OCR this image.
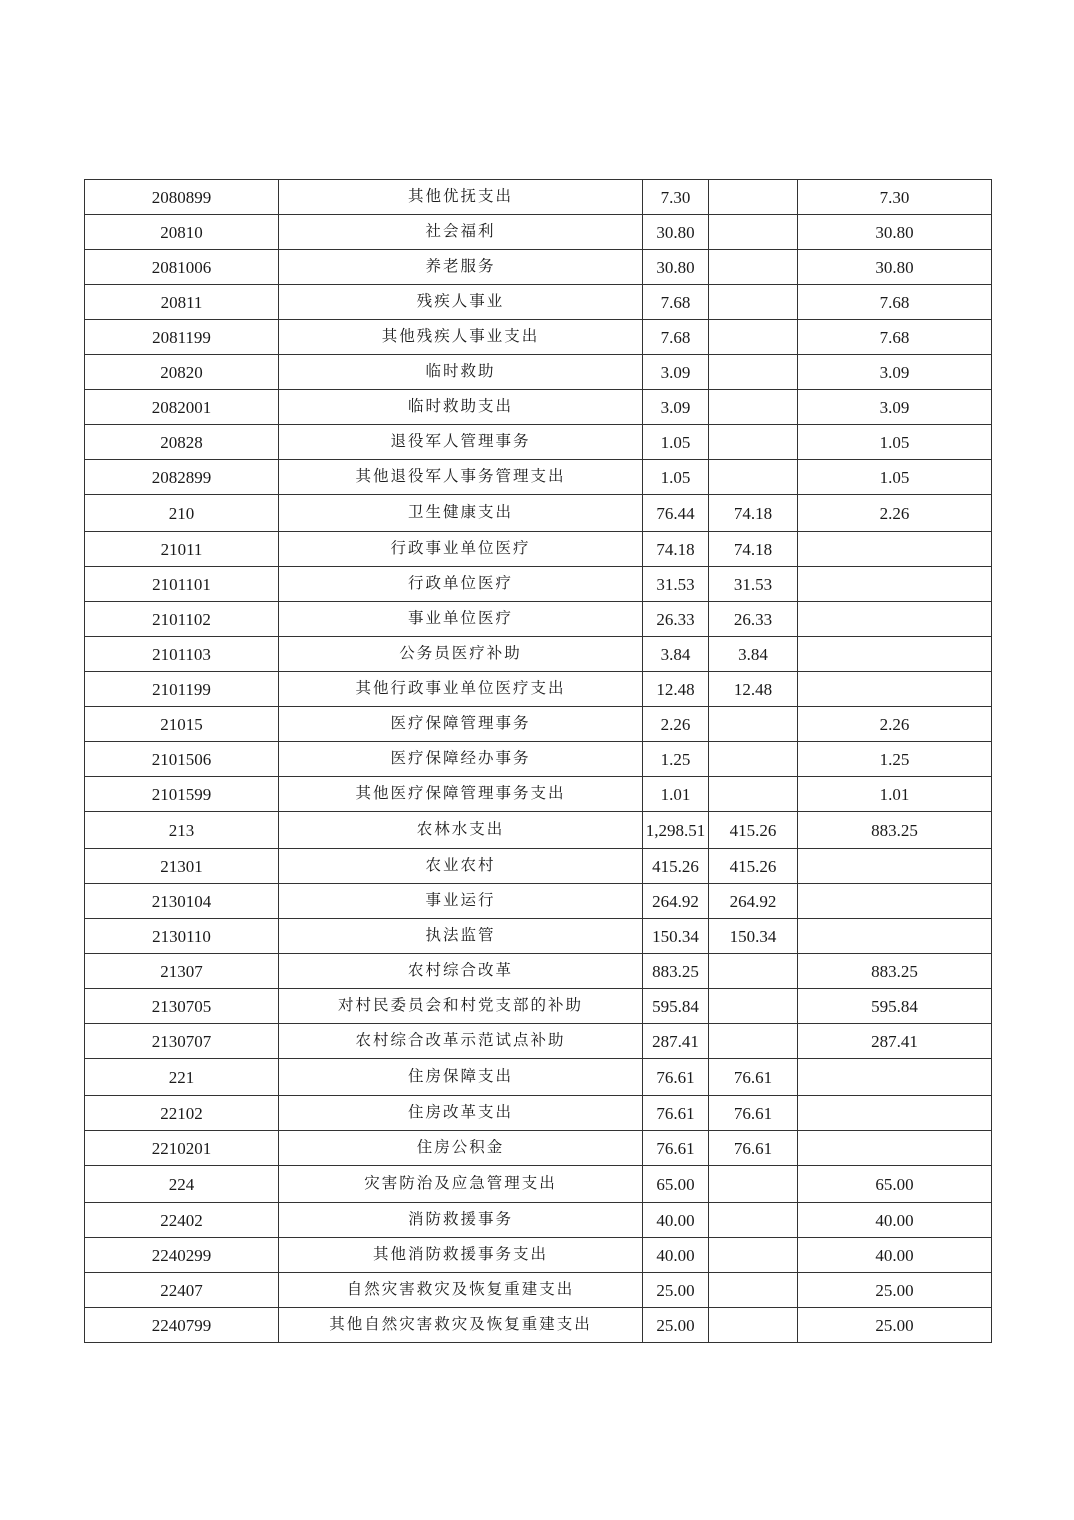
2080899	其他优抚支出	7.30		7.30
20810	社会福利	30.80		30.80
2081006	养老服务	30.80		30.80
20811	残疾人事业	7.68		7.68
2081199	其他残疾人事业支出	7.68		7.68
20820	临时救助	3.09		3.09
2082001	临时救助支出	3.09		3.09
20828	退役军人管理事务	1.05		1.05
2082899	其他退役军人事务管理支出	1.05		1.05
210	卫生健康支出	76.44	74.18	2.26
21011	行政事业单位医疗	74.18	74.18	
2101101	行政单位医疗	31.53	31.53	
2101102	事业单位医疗	26.33	26.33	
2101103	公务员医疗补助	3.84	3.84	
2101199	其他行政事业单位医疗支出	12.48	12.48	
21015	医疗保障管理事务	2.26		2.26
2101506	医疗保障经办事务	1.25		1.25
2101599	其他医疗保障管理事务支出	1.01		1.01
213	农林水支出	1,298.51	415.26	883.25
21301	农业农村	415.26	415.26	
2130104	事业运行	264.92	264.92	
2130110	执法监管	150.34	150.34	
21307	农村综合改革	883.25		883.25
2130705	对村民委员会和村党支部的补助	595.84		595.84
2130707	农村综合改革示范试点补助	287.41		287.41
221	住房保障支出	76.61	76.61	
22102	住房改革支出	76.61	76.61	
2210201	住房公积金	76.61	76.61	
224	灾害防治及应急管理支出	65.00		65.00
22402	消防救援事务	40.00		40.00
2240299	其他消防救援事务支出	40.00		40.00
22407	自然灾害救灾及恢复重建支出	25.00		25.00
2240799	其他自然灾害救灾及恢复重建支出	25.00		25.00
